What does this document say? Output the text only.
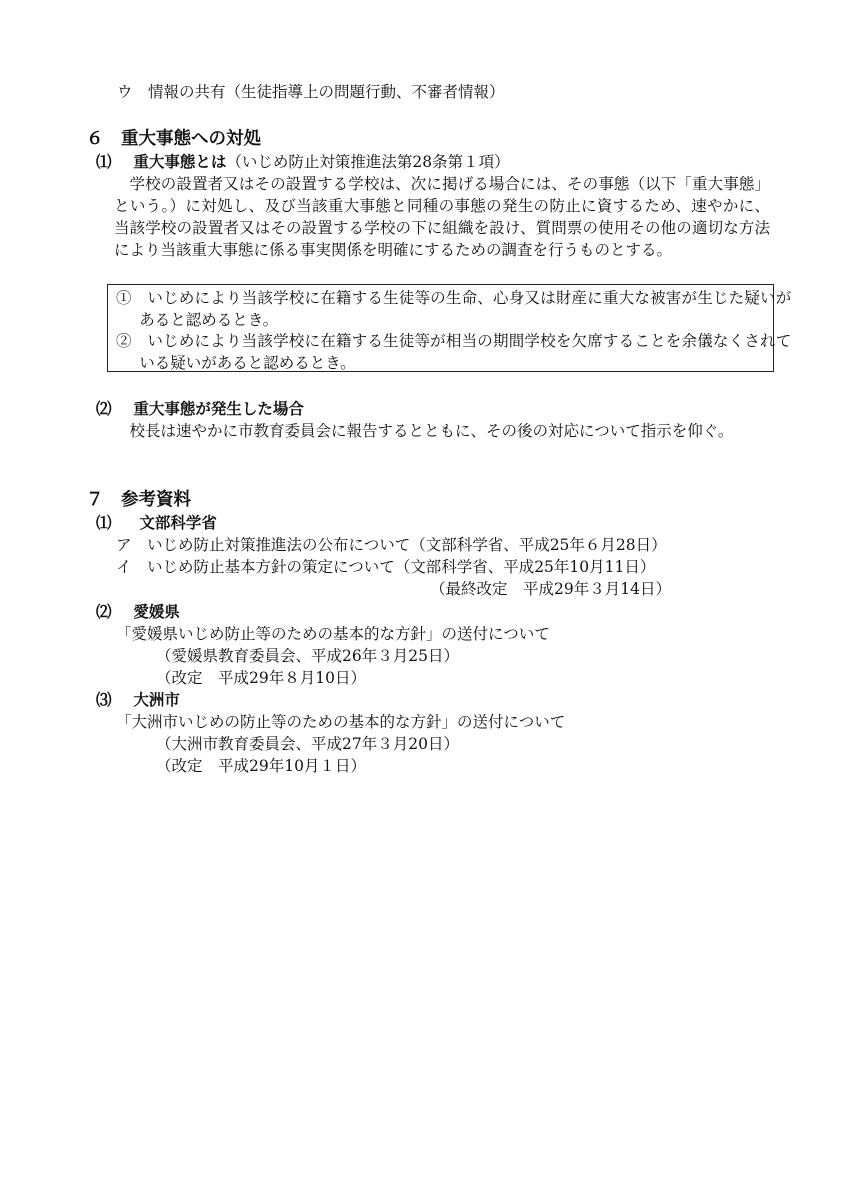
ウ　情報の共有（生徒指導上の問題行動、不審者情報）
６　重大事態への対処
⑴ 重大事態とは（いじめ防止対策推進法第28条第１項）
学校の設置者又はその設置する学校は、次に掲げる場合には、その事態（以下「重大事態」という。）に対処し、及び当該重大事態と同種の事態の発生の防止に資するため、速やかに、当該学校の設置者又はその設置する学校の下に組織を設け、質問票の使用その他の適切な方法により当該重大事態に係る事実関係を明確にするための調査を行うものとする。
①　いじめにより当該学校に在籍する生徒等の生命、心身又は財産に重大な被害が生じた疑いがあると認めるとき。
②　いじめにより当該学校に在籍する生徒等が相当の期間学校を欠席することを余儀なくされている疑いがあると認めるとき。
⑵ 重大事態が発生した場合
校長は速やかに市教育委員会に報告するとともに、その後の対応について指示を仰ぐ。
７　参考資料
⑴ 文部科学省
ア　いじめ防止対策推進法の公布について（文部科学省、平成25年６月28日）
イ　いじめ防止基本方針の策定について（文部科学省、平成25年10月11日）
（最終改定　平成29年３月14日）
⑵ 愛媛県
「愛媛県いじめ防止等のための基本的な方針」の送付について
（愛媛県教育委員会、平成26年３月25日）
（改定　平成29年８月10日）
⑶ 大洲市
「大洲市いじめの防止等のための基本的な方針」の送付について
（大洲市教育委員会、平成27年３月20日）
（改定　平成29年10月１日）
